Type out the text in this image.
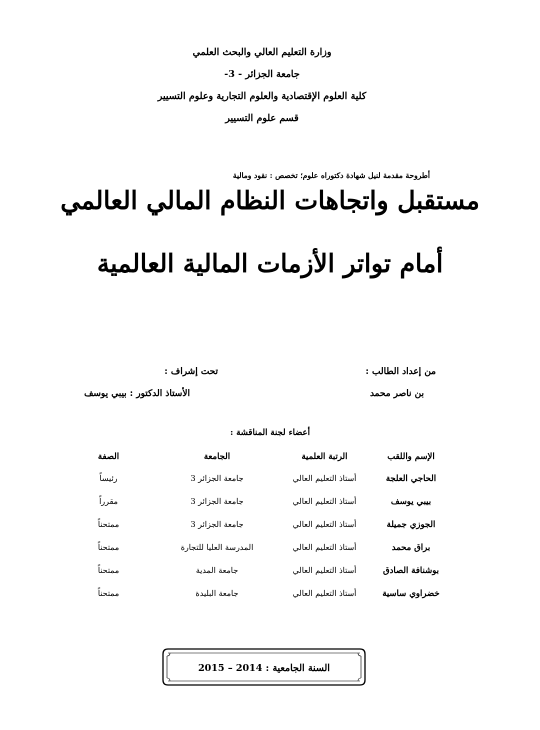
وزارة التعليم العالي والبحث العلمي
جامعة الجزائر - 3-
كلية العلوم الإقتصادية والعلوم التجارية وعلوم التسيير
قسم علوم التسيير
أطروحة مقدمة لنيل شهادة دكتوراه علوم؛ تخصص : نقود ومالية
مستقبل واتجاهات النظام المالي العالمي
أمام تواتر الأزمات المالية العالمية
من إعداد الطالب :
بن ناصر محمد
تحت إشراف :
الأستاذ الدكتور : بيبي يوسف
أعضاء لجنة المناقشة :
الإسم واللقب	الرتبة العلمية	الجامعة	الصفة
الحاجي العلجة	أستاذ التعليم العالي	جامعة الجزائر 3	رئيساً
بيبي يوسف	أستاذ التعليم العالي	جامعة الجزائر 3	مقرراً
الجوزي جميلة	أستاذ التعليم العالي	جامعة الجزائر 3	ممتحناً
براق محمد	أستاذ التعليم العالي	المدرسة العليا للتجارة	ممتحناً
بوشنافة الصادق	أستاذ التعليم العالي	جامعة المدية	ممتحناً
خضراوي ساسية	أستاذ التعليم العالي	جامعة البليدة	ممتحناً
السنة الجامعية : 2014 – 2015
